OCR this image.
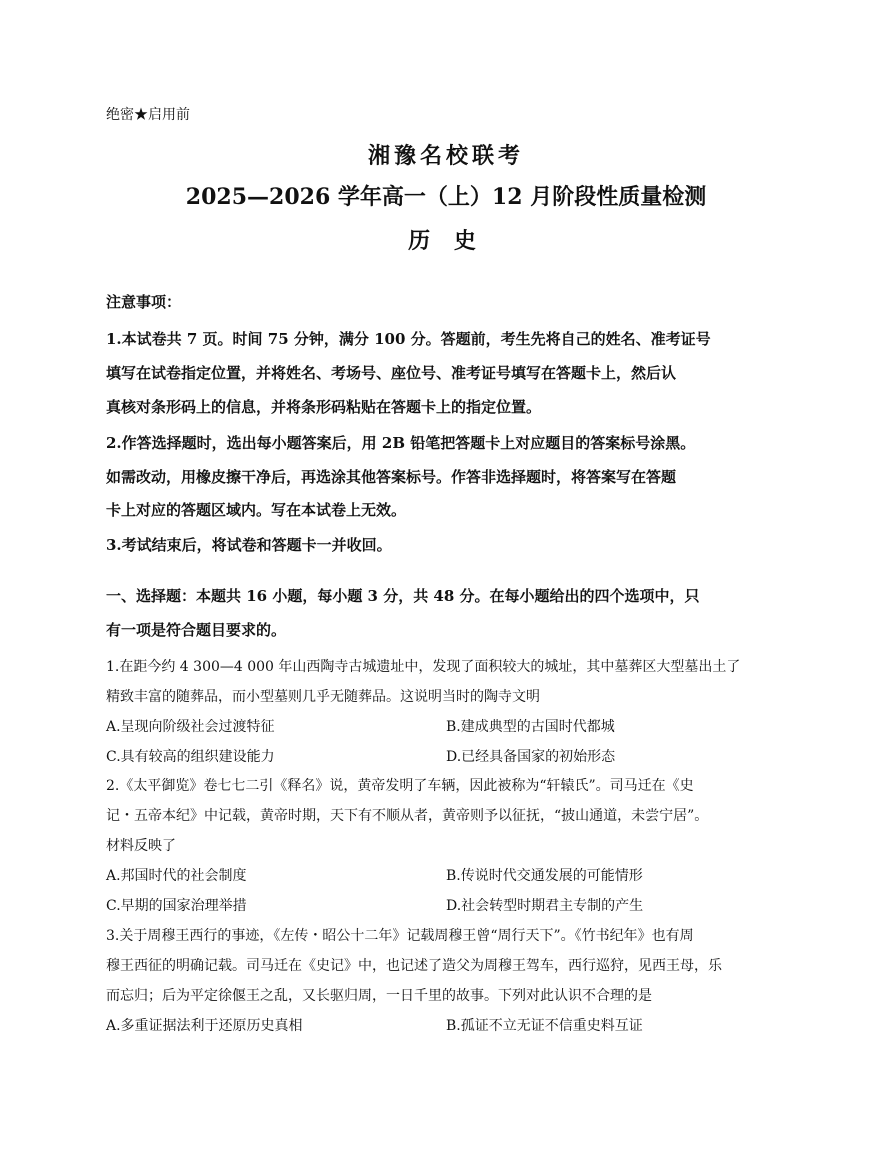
绝密★启用前
湘豫名校联考
2025—2026 学年高一（上）12 月阶段性质量检测
历 史
注意事项：
1.本试卷共 7 页。时间 75 分钟，满分 100 分。答题前，考生先将自己的姓名、准考证号
填写在试卷指定位置，并将姓名、考场号、座位号、准考证号填写在答题卡上，然后认
真核对条形码上的信息，并将条形码粘贴在答题卡上的指定位置。
2.作答选择题时，选出每小题答案后，用 2B 铅笔把答题卡上对应题目的答案标号涂黑。
如需改动，用橡皮擦干净后，再选涂其他答案标号。作答非选择题时，将答案写在答题
卡上对应的答题区域内。写在本试卷上无效。
3.考试结束后，将试卷和答题卡一并收回。
一、选择题：本题共 16 小题，每小题 3 分，共 48 分。在每小题给出的四个选项中，只
有一项是符合题目要求的。
1.在距今约 4 300—4 000 年山西陶寺古城遗址中，发现了面积较大的城址，其中墓葬区大型墓出土了
精致丰富的随葬品，而小型墓则几乎无随葬品。这说明当时的陶寺文明
A.呈现向阶级社会过渡特征	B.建成典型的古国时代都城
C.具有较高的组织建设能力	D.已经具备国家的初始形态
2.《太平御览》卷七七二引《释名》说，黄帝发明了车辆，因此被称为“轩辕氏”。司马迁在《史
记・五帝本纪》中记载，黄帝时期，天下有不顺从者，黄帝则予以征抚，“披山通道，未尝宁居”。
材料反映了
A.邦国时代的社会制度	B.传说时代交通发展的可能情形
C.早期的国家治理举措	D.社会转型时期君主专制的产生
3.关于周穆王西行的事迹，《左传・昭公十二年》记载周穆王曾“周行天下”。《竹书纪年》也有周
穆王西征的明确记载。司马迁在《史记》中，也记述了造父为周穆王驾车，西行巡狩，见西王母，乐
而忘归；后为平定徐偃王之乱，又长驱归周，一日千里的故事。下列对此认识不合理的是
A.多重证据法利于还原历史真相	B.孤证不立无证不信重史料互证
